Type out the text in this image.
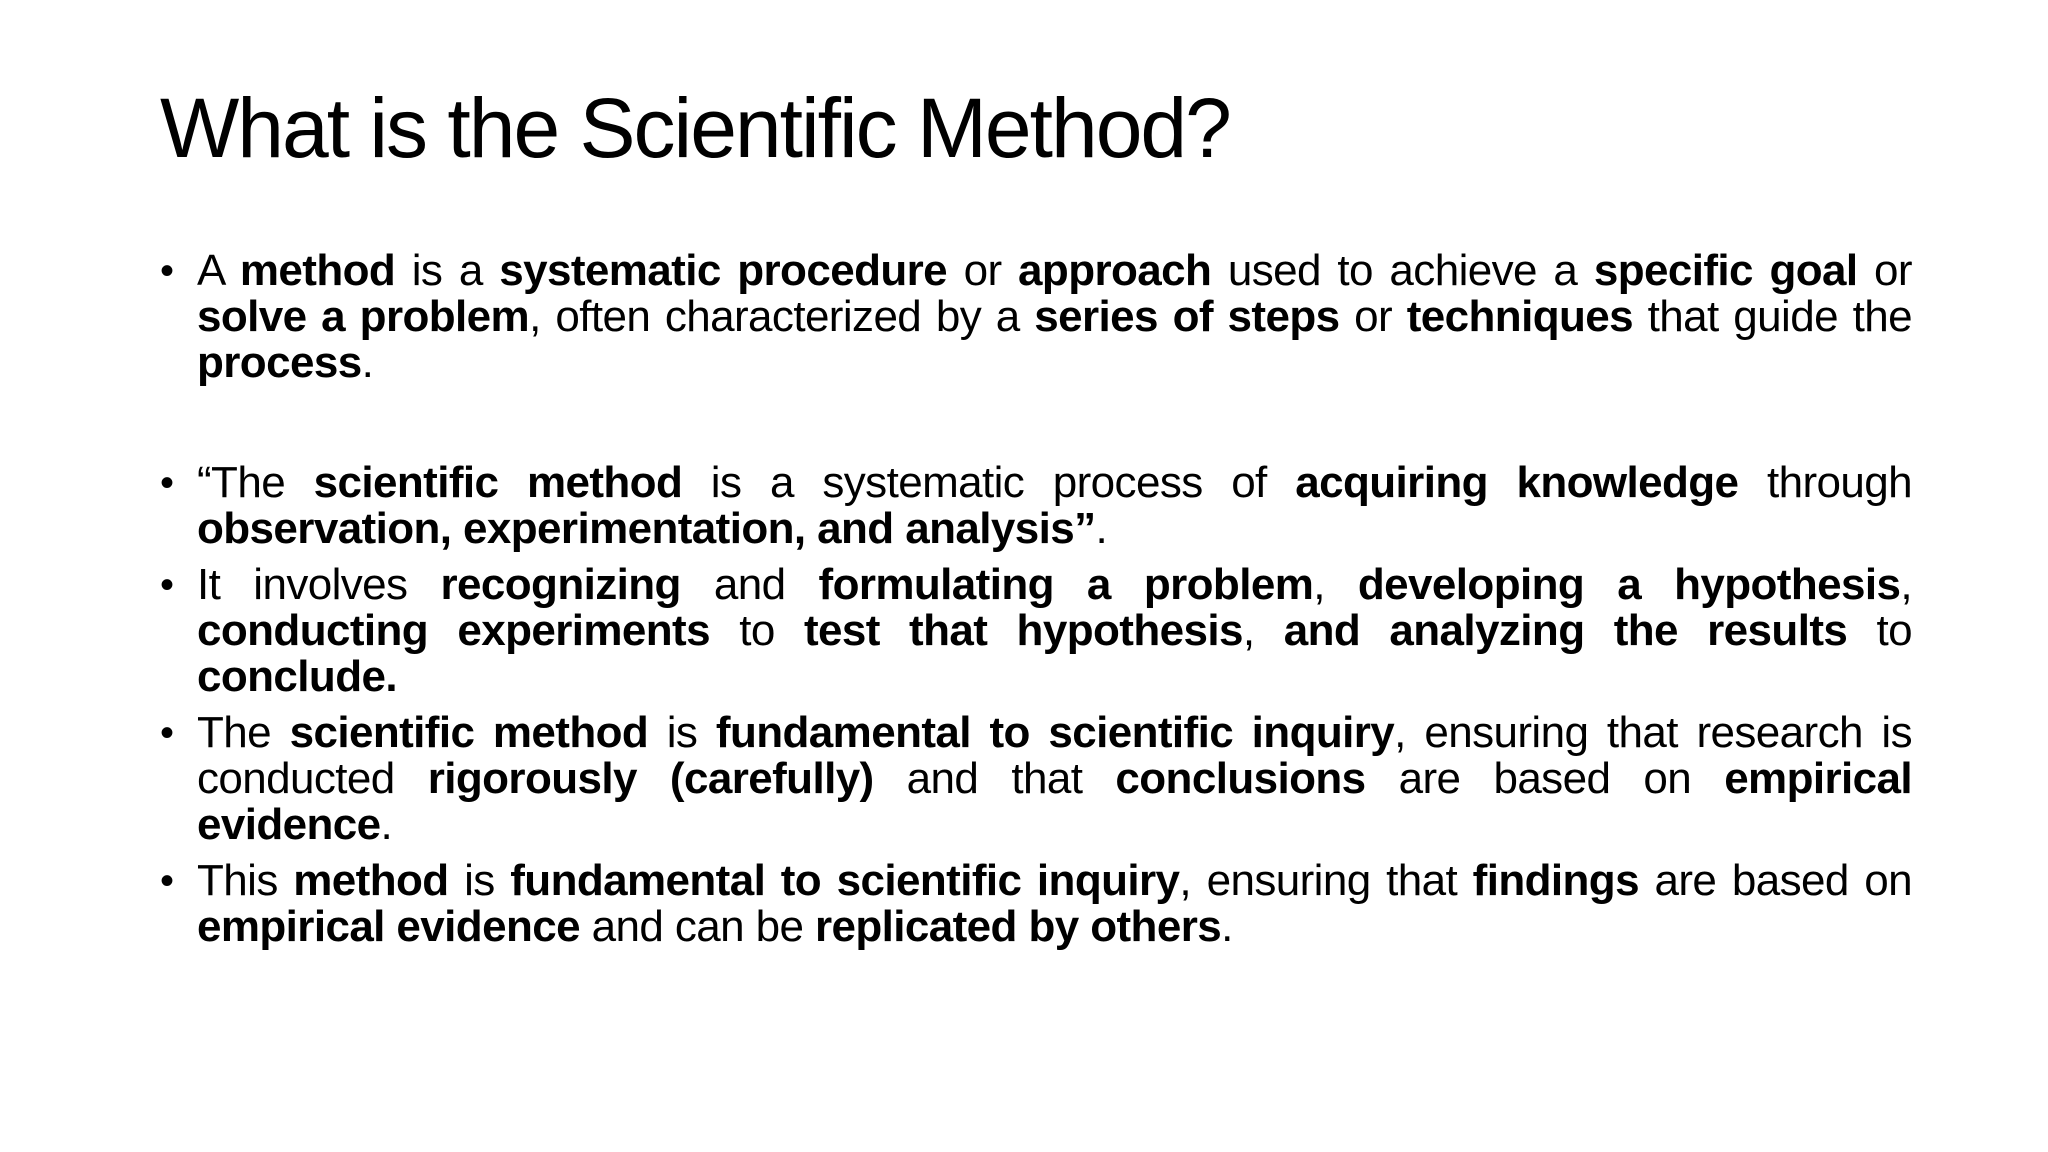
What is the Scientific Method?
• A method is a systematic procedure or approach used to achieve a specific goal or solve a problem, often characterized by a series of steps or techniques that guide the process.
• “The scientific method is a systematic process of acquiring knowledge through observation, experimentation, and analysis”.
• It involves recognizing and formulating a problem, developing a hypothesis, conducting experiments to test that hypothesis, and analyzing the results to conclude.
• The scientific method is fundamental to scientific inquiry, ensuring that research is conducted rigorously (carefully) and that conclusions are based on empirical evidence.
• This method is fundamental to scientific inquiry, ensuring that findings are based on empirical evidence and can be replicated by others.
